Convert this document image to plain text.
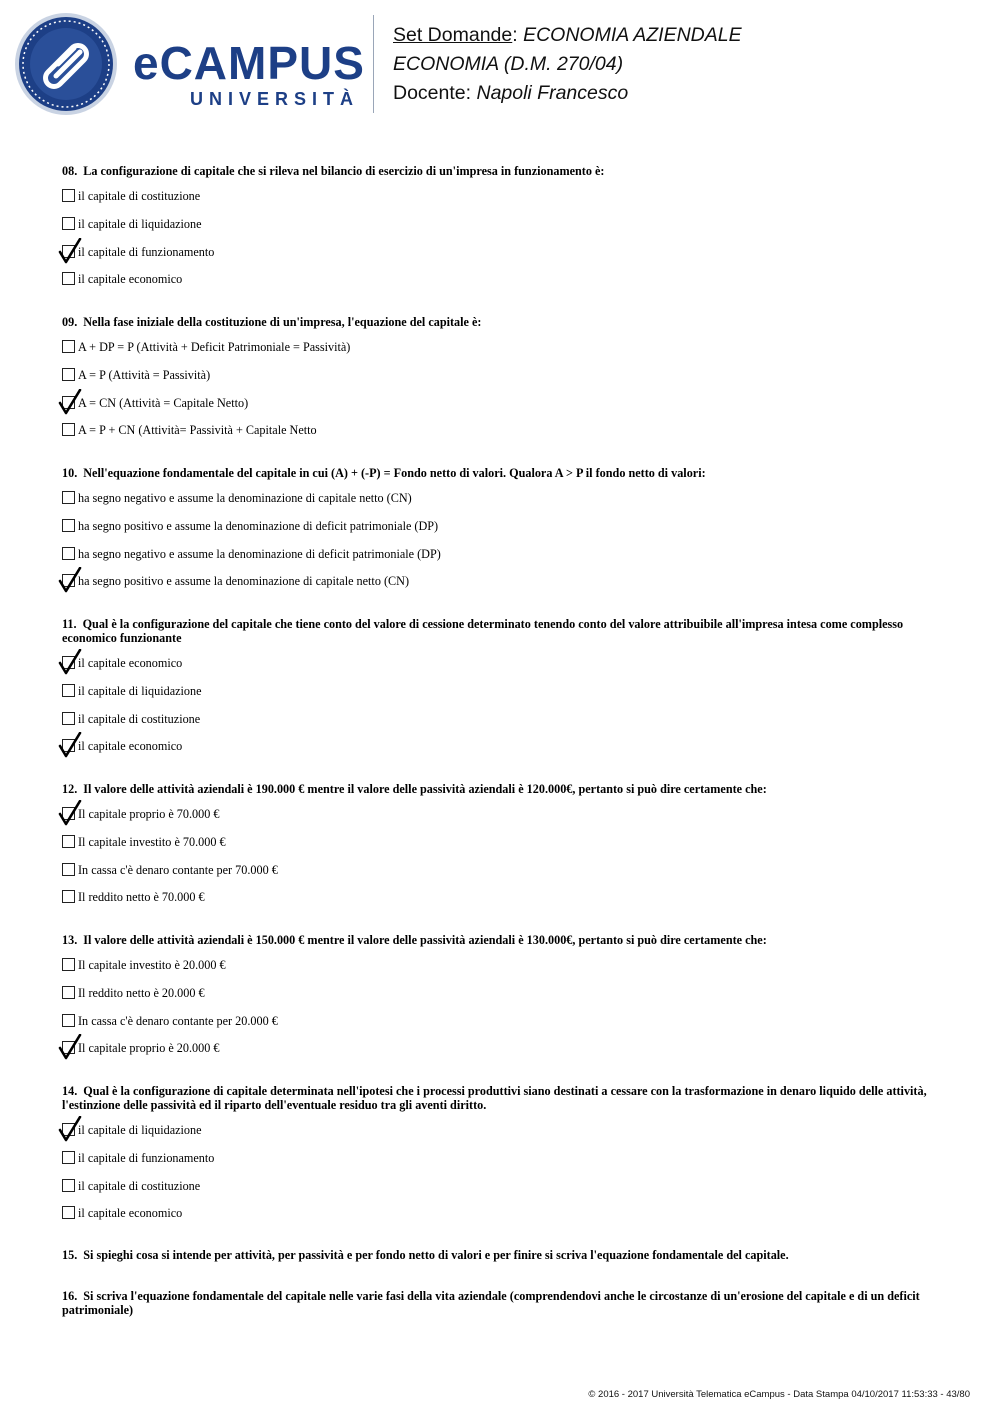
eCAMPUS
UNIVERSITÀ
Set Domande: ECONOMIA AZIENDALE
ECONOMIA (D.M. 270/04)
Docente: Napoli Francesco
08. La configurazione di capitale che si rileva nel bilancio di esercizio di un'impresa in funzionamento è:
il capitale di costituzione
il capitale di liquidazione
il capitale di funzionamento
il capitale economico
09. Nella fase iniziale della costituzione di un'impresa, l'equazione del capitale è:
A + DP = P (Attività + Deficit Patrimoniale = Passività)
A = P (Attività = Passività)
A = CN (Attività = Capitale Netto)
A = P + CN (Attività= Passività + Capitale Netto
10. Nell'equazione fondamentale del capitale in cui (A) + (-P) = Fondo netto di valori. Qualora A > P il fondo netto di valori:
ha segno negativo e assume la denominazione di capitale netto (CN)
ha segno positivo e assume la denominazione di deficit patrimoniale (DP)
ha segno negativo e assume la denominazione di deficit patrimoniale (DP)
ha segno positivo e assume la denominazione di capitale netto (CN)
11. Qual è la configurazione del capitale che tiene conto del valore di cessione determinato tenendo conto del valore attribuibile all'impresa intesa come complesso economico funzionante
il capitale economico
il capitale di liquidazione
il capitale di costituzione
il capitale economico
12. Il valore delle attività aziendali è 190.000 € mentre il valore delle passività aziendali è 120.000€, pertanto si può dire certamente che:
Il capitale proprio è 70.000 €
Il capitale investito è 70.000 €
In cassa c'è denaro contante per 70.000 €
Il reddito netto è 70.000 €
13. Il valore delle attività aziendali è 150.000 € mentre il valore delle passività aziendali è 130.000€, pertanto si può dire certamente che:
Il capitale investito è 20.000 €
Il reddito netto è 20.000 €
In cassa c'è denaro contante per 20.000 €
Il capitale proprio è 20.000 €
14. Qual è la configurazione di capitale determinata nell'ipotesi che i processi produttivi siano destinati a cessare con la trasformazione in denaro liquido delle attività, l'estinzione delle passività ed il riparto dell'eventuale residuo tra gli aventi diritto.
il capitale di liquidazione
il capitale di funzionamento
il capitale di costituzione
il capitale economico
15. Si spieghi cosa si intende per attività, per passività e per fondo netto di valori e per finire si scriva l'equazione fondamentale del capitale.
16. Si scriva l'equazione fondamentale del capitale nelle varie fasi della vita aziendale (comprendendovi anche le circostanze di un'erosione del capitale e di un deficit patrimoniale)
© 2016 - 2017 Università Telematica eCampus - Data Stampa 04/10/2017 11:53:33 - 43/80
